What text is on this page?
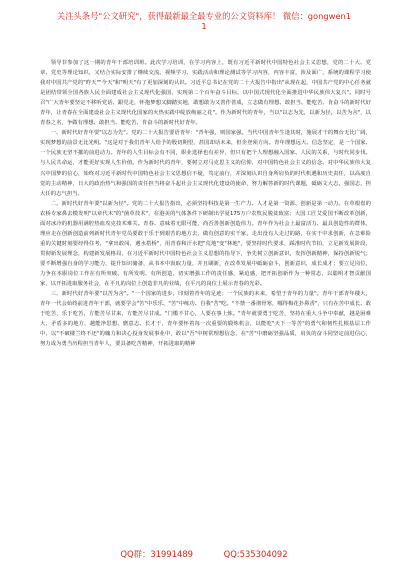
关注头条号"公文研究"，获得最新最全最专业的公文资料库！ 微信：gongwen1
1

领导非参加了这一期的青年干部培训班。此次学习培训，在学习内容上，既有习近平新时代中国特色社会主义思想，党的二十大、党章、党史等理论知识，又结合实际安排了继续交流、视频学习、实践活动和理论测试等学习内容，内容丰富，涉及面广，系统的课程学习使我对中国共产党的"昨天""今天"和"明天"有了更加深刻的认识。习近平总书记在党的二十大报告中指出"从现在起，中国共产党的中心任务就是团结带领全国各族人民全面建成社会主义现代化强国、实现第二个百年奋斗目标，以中国式现代化全面推进中华民族伟大复兴"。同时号召"广大青年要坚定不移听党话、跟党走，怀抱梦想又脚踏实地，敢想敢为又善作善成，立志做有理想、敢担当、能吃苦、肯奋斗的新时代好青年，让青春在全面建设社会主义现代化国家的火热实践中绽放绚丽之花"。作为新时代的青年，当以"以志为先，以新为径，以苦为舍"，以青春之名，争做有理想、敢担当、能吃苦、肯奋斗的新时代好青年。

一、新时代好青年要"以志为先"。党的二十大报告要语青年："青年强，则国家强。当代中国青年生逢其时，施展才干的舞台无比广阔，实现梦想的前景无比光明。"这是对于我们青年人给予的殷切期望，甚国却话未来，但企登须方向。青年理想远大、信念坚定，是一个国家、一个民族无坚不摧的前进动力。青年的人生目标会有不同，职业选择也有差异，但只有把个人理想融入国家、人民的关系，与时代同步伐、与人民共命运，才能更好实现人生价值。作为新时代的青年，要树立对马克思主义的信仰、对中国特色社会主义的信念、对中华民族伟大复兴中国梦的信心，始终对习近平新时代中国特色社会主义思想信不疑，笃定前行，并深刻认识自身所肩负的时代机遇和历史责任，以高度自觉的主动精神，日大的政治热气和强国的责任担当将奋斗起社会主义现代化建设的使命，努力解答新的时代课题，砥砺文大志，强国志，担大任的志气担当。

二、新时代好青年要"以新为径"。党的二十大报告指出，必须坚持科技是第一生产力、人才是第一资源、创新是第一动力。在草根盘的农桥专家鼻去模发明"以章代木"的"菌草技术"，在港美的气体条件下研制出学夏175万户农牧民脱贫致富；大国工匠艾爱国不断改革创新，面对冰冷的机器用满腔热血攻克技术难关。青春、意味着无限可能，尚否善创新创造伟力。青年作为社会上最富活力、最具创造性的群体，理应走在创新创造前列新时代青年党员要敢于乐于到艰苦的地方去，做有创意的实干家，走出没有人走过的路，在实干中求创新，在急难险重的关键时刻要经得住考，"拿出敢闯，遇水搭桥"，用青春和汗水把"荒地"变"林地"，要坚持时代要求，踩准时代节拍，立足新发展阶段，贯彻新发展理念，构建新发展格局，在习近平新时代中国特色社会主义思想的指导下，争先树立创新意识，发挥创新精神，保持创新锐气；要不断增强自身的学习能力，提升知识储备，从书本中汲取力量，并且刷新，在改革发展中砥砺奋斗，创新意识，成长成才；要立足岗位，力争在本职岗位工作在有所突破、有所发明、有所创造，切实增强工作的责任感，紧迫感，把开拓创新作为一种常态，以聪明才智贡献国家，以开拓进取服务社会，在平凡的岗位上创造非凡的业绩，在平凡的岗位上展示青春的光彩。

三、新时代好青年要"以苦为舍"。"一个国家的进步，印刻着青年的足迹；一个民族的未来，希望于青年的力量"。青年干部青年楼大，青年一代会始终前进青年干部，就要学会"苦"中乐乐、"苦"中练功、自我"苦"吃。"不禁一番彻骨寒，哪得梅花扑鼻香"，只有在苦中成长、敢于吃苦，乐于吃苦，方能苦尽甘来，方能苦尽甘成。"门槛不甘心，人要在事上炼。"青年就要勇于吃苦，坚持在重大斗争中奉献，越是困难大，矛盾多的地方，越能净思想、磨意志、长才干，青年要怀着每一次重要的锻炼机会，以能吃"天下一等苦"的勇气和韧性扎根基层工作中，以"不破楼兰终不还"的魄力和决心投身发展事业中，敢以"吾"中树常理想信念，在"苦"中磨砺坚强品质，肩负的奋斗同坚定前进信心，努力成为勇当历程担当青年人，要具备吃苦精神，开拓进取的精神

QQ群：31991489	QQ:535304092
